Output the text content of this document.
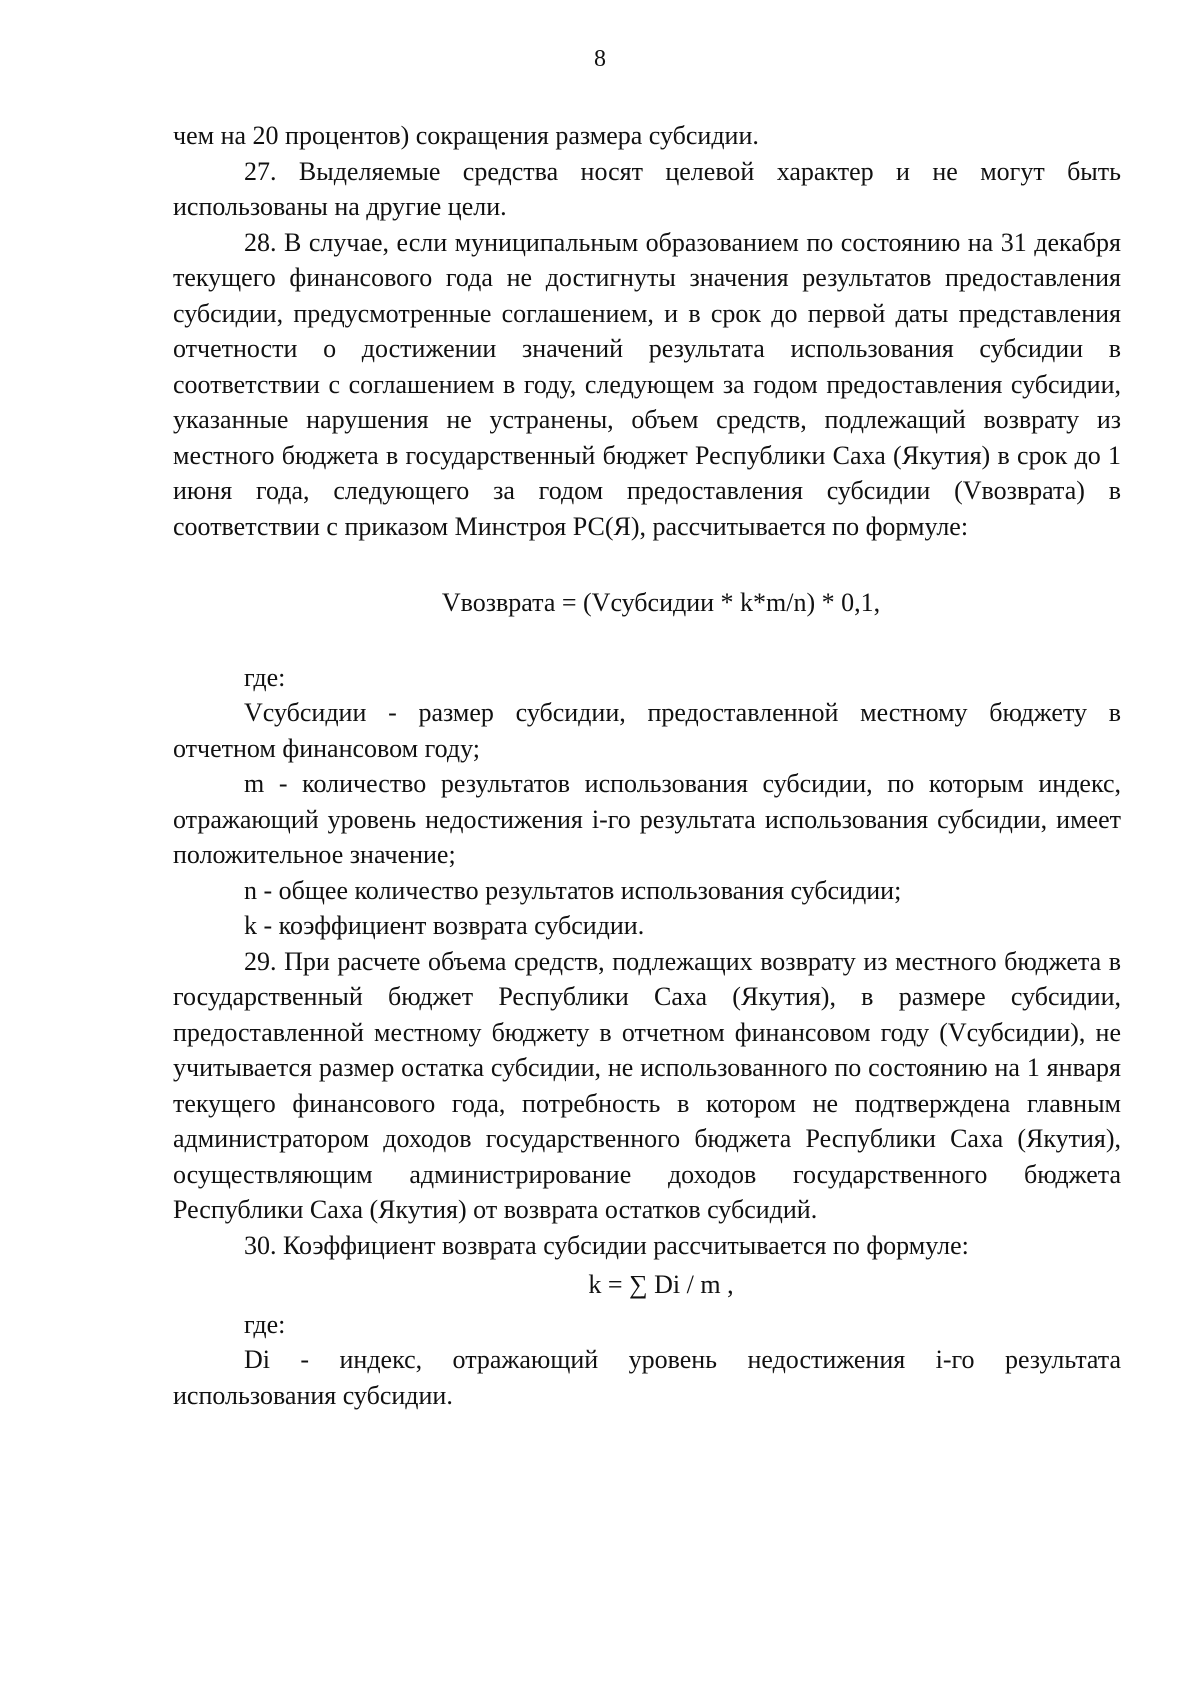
8

чем на 20 процентов) сокращения размера субсидии.

27. Выделяемые средства носят целевой характер и не могут быть использованы на другие цели.

28. В случае, если муниципальным образованием по состоянию на 31 декабря текущего финансового года не достигнуты значения результатов предоставления субсидии, предусмотренные соглашением, и в срок до первой даты представления отчетности о достижении значений результата использования субсидии в соответствии с соглашением в году, следующем за годом предоставления субсидии, указанные нарушения не устранены, объем средств, подлежащий возврату из местного бюджета в государственный бюджет Республики Саха (Якутия) в срок до 1 июня года, следующего за годом предоставления субсидии (Vвозврата) в соответствии с приказом Минстроя РС(Я), рассчитывается по формуле:

Vвозврата = (Vсубсидии * k*m/n) * 0,1,

где:

Vсубсидии - размер субсидии, предоставленной местному бюджету в отчетном финансовом году;

m - количество результатов использования субсидии, по которым индекс, отражающий уровень недостижения i-го результата использования субсидии, имеет положительное значение;

n - общее количество результатов использования субсидии;

k - коэффициент возврата субсидии.

29. При расчете объема средств, подлежащих возврату из местного бюджета в государственный бюджет Республики Саха (Якутия), в размере субсидии, предоставленной местному бюджету в отчетном финансовом году (Vсубсидии), не учитывается размер остатка субсидии, не использованного по состоянию на 1 января текущего финансового года, потребность в котором не подтверждена главным администратором доходов государственного бюджета Республики Саха (Якутия), осуществляющим администрирование доходов государственного бюджета Республики Саха (Якутия) от возврата остатков субсидий.

30. Коэффициент возврата субсидии рассчитывается по формуле:

k = ∑ Di / m ,

где:

Di - индекс, отражающий уровень недостижения i-го результата использования субсидии.
